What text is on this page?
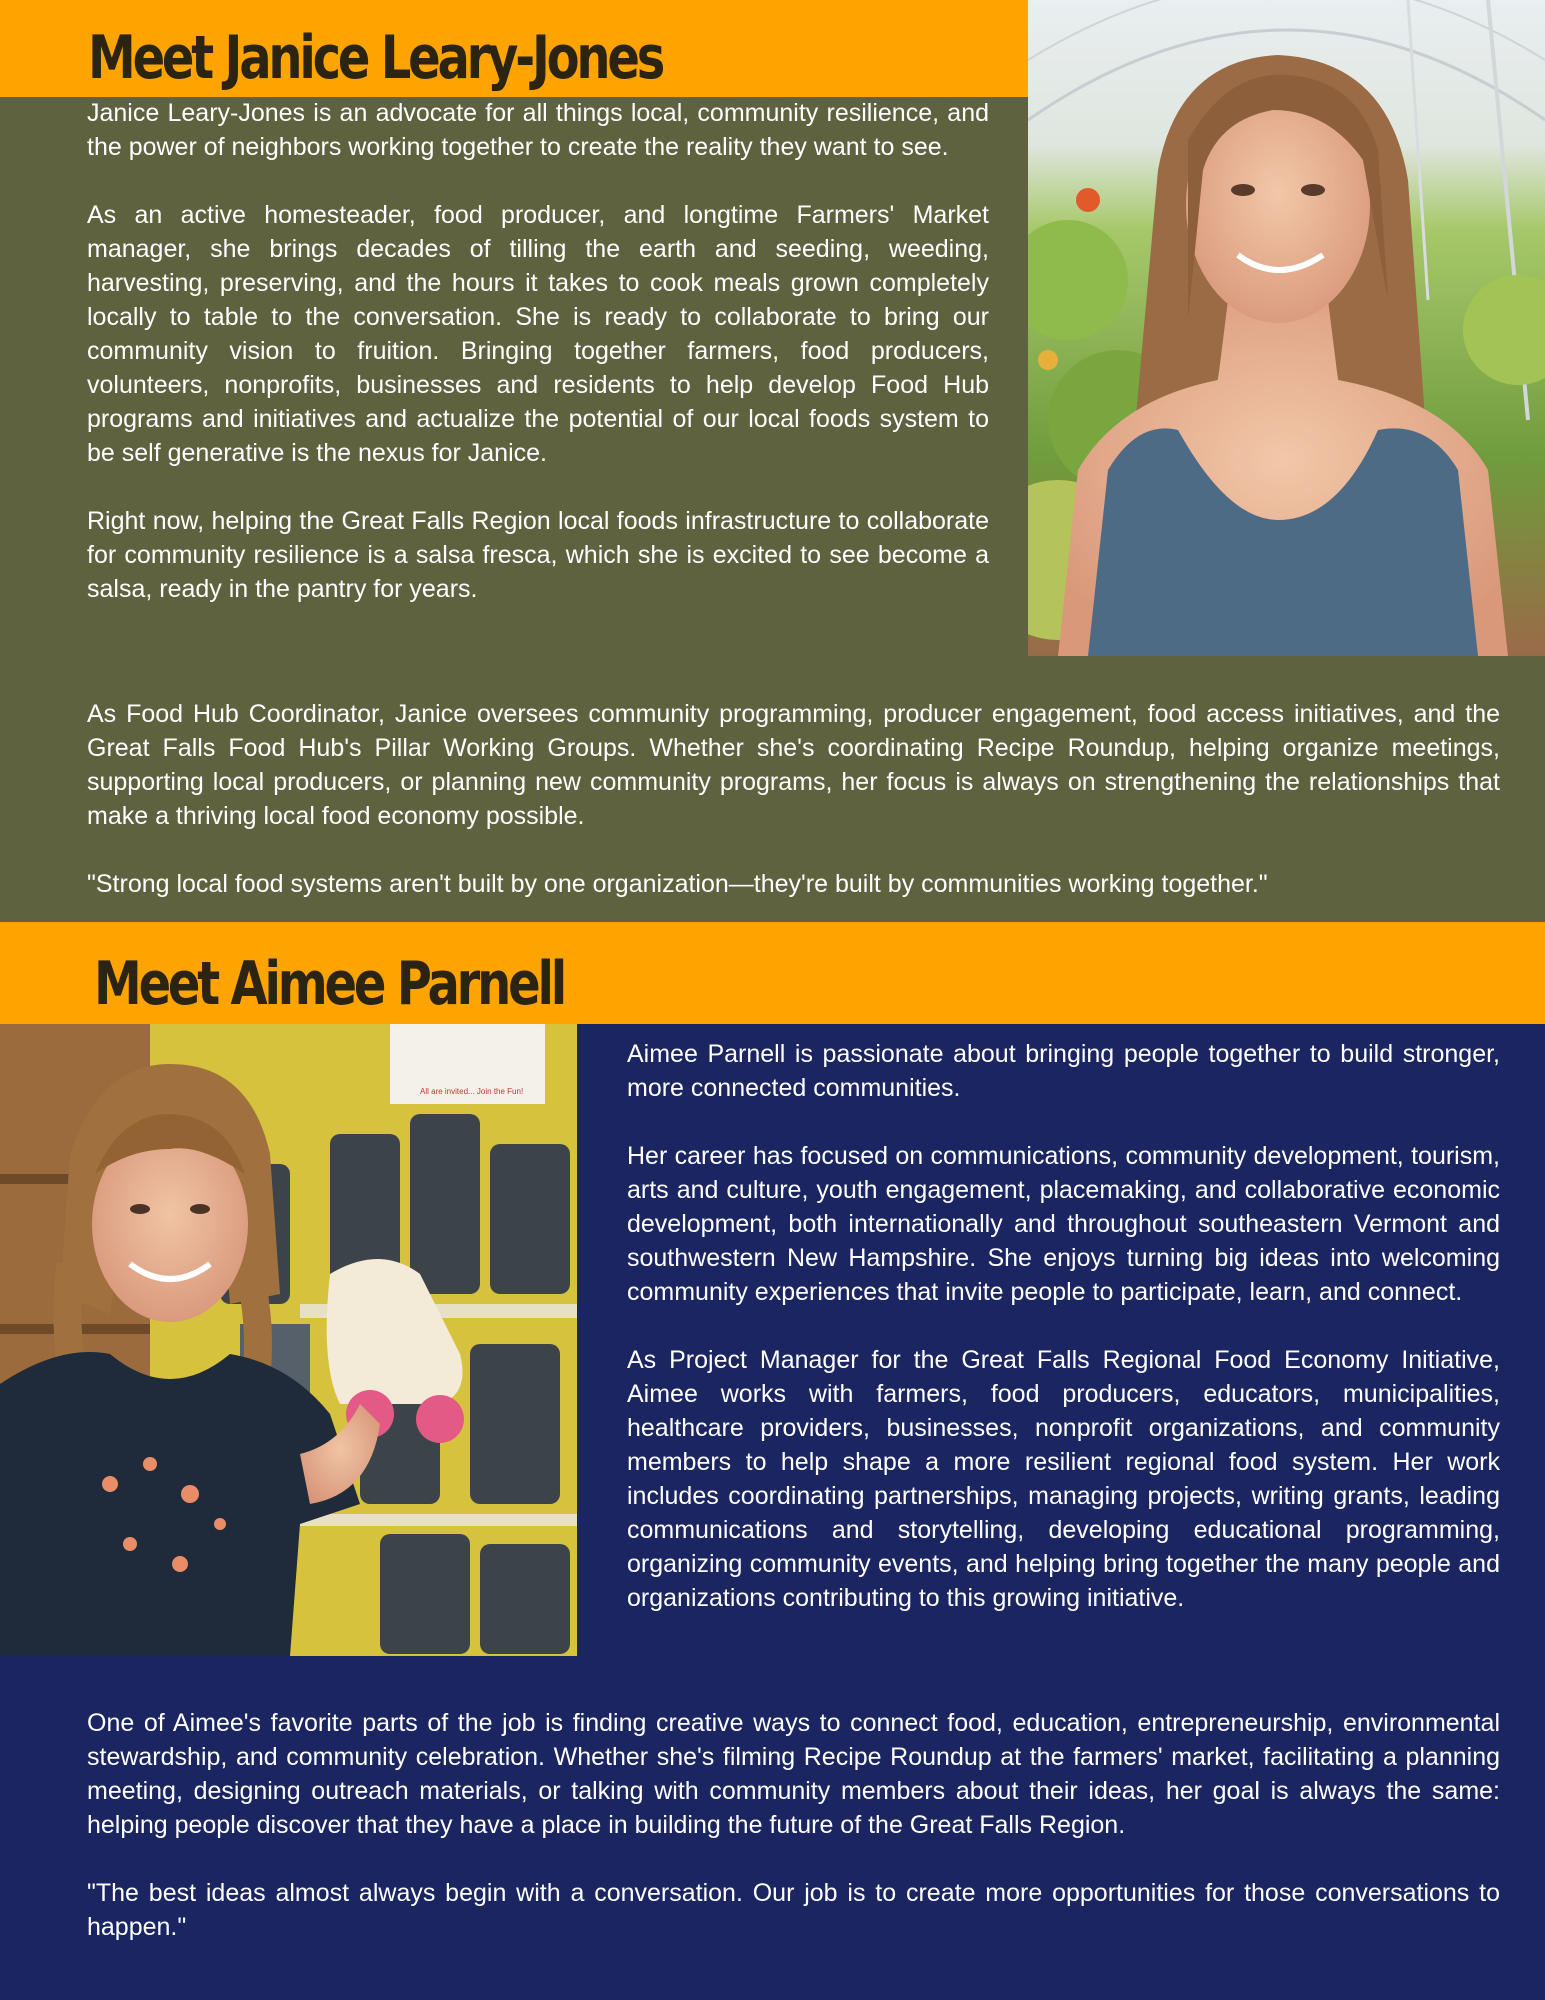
Meet Janice Leary-Jones

Janice Leary-Jones is an advocate for all things local, community resilience, and the power of neighbors working together to create the reality they want to see.

As an active homesteader, food producer, and longtime Farmers' Market manager, she brings decades of tilling the earth and seeding, weeding, harvesting, preserving, and the hours it takes to cook meals grown completely locally to table to the conversation. She is ready to collaborate to bring our community vision to fruition. Bringing together farmers, food producers, volunteers, nonprofits, businesses and residents to help develop Food Hub programs and initiatives and actualize the potential of our local foods system to be self generative is the nexus for Janice.

Right now, helping the Great Falls Region local foods infrastructure to collaborate for community resilience is a salsa fresca, which she is excited to see become a salsa, ready in the pantry for years.

As Food Hub Coordinator, Janice oversees community programming, producer engagement, food access initiatives, and the Great Falls Food Hub's Pillar Working Groups. Whether she's coordinating Recipe Roundup, helping organize meetings, supporting local producers, or planning new community programs, her focus is always on strengthening the relationships that make a thriving local food economy possible.

"Strong local food systems aren't built by one organization—they're built by communities working together."

Meet Aimee Parnell
All are invited... Join the Fun!

Aimee Parnell is passionate about bringing people together to build stronger, more connected communities.

Her career has focused on communications, community development, tourism, arts and culture, youth engagement, placemaking, and collaborative economic development, both internationally and throughout southeastern Vermont and southwestern New Hampshire. She enjoys turning big ideas into welcoming community experiences that invite people to participate, learn, and connect.

As Project Manager for the Great Falls Regional Food Economy Initiative, Aimee works with farmers, food producers, educators, municipalities, healthcare providers, businesses, nonprofit organizations, and community members to help shape a more resilient regional food system. Her work includes coordinating partnerships, managing projects, writing grants, leading communications and storytelling, developing educational programming, organizing community events, and helping bring together the many people and organizations contributing to this growing initiative.

One of Aimee's favorite parts of the job is finding creative ways to connect food, education, entrepreneurship, environmental stewardship, and community celebration. Whether she's filming Recipe Roundup at the farmers' market, facilitating a planning meeting, designing outreach materials, or talking with community members about their ideas, her goal is always the same: helping people discover that they have a place in building the future of the Great Falls Region.

"The best ideas almost always begin with a conversation. Our job is to create more opportunities for those conversations to happen."
